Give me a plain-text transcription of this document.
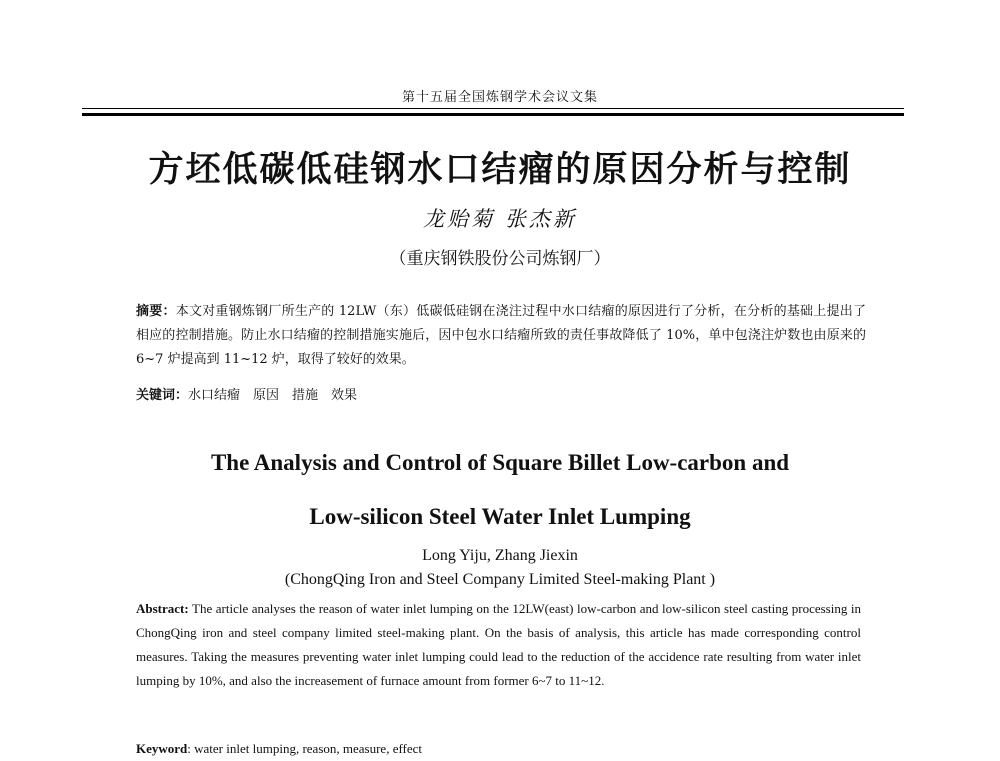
第十五届全国炼钢学术会议文集
方坯低碳低硅钢水口结瘤的原因分析与控制
龙贻菊 张杰新
（重庆钢铁股份公司炼钢厂）
摘要：本文对重钢炼钢厂所生产的 12LW（东）低碳低硅钢在浇注过程中水口结瘤的原因进行了分析，在分析的基础上提出了相应的控制措施。防止水口结瘤的控制措施实施后，因中包水口结瘤所致的责任事故降低了 10%，单中包浇注炉数也由原来的 6~7 炉提高到 11~12 炉，取得了较好的效果。
关键词：水口结瘤　原因　措施　效果
The Analysis and Control of Square Billet Low-carbon and
Low-silicon Steel Water Inlet Lumping
Long Yiju, Zhang Jiexin
(ChongQing Iron and Steel Company Limited Steel-making Plant )
Abstract: The article analyses the reason of water inlet lumping on the 12LW(east) low-carbon and low-silicon steel casting processing in ChongQing iron and steel company limited steel-making plant. On the basis of analysis, this article has made corresponding control measures. Taking the measures preventing water inlet lumping could lead to the reduction of the accidence rate resulting from water inlet lumping by 10%, and also the increasement of furnace amount from former 6~7 to 11~12.
Keyword: water inlet lumping, reason, measure, effect
